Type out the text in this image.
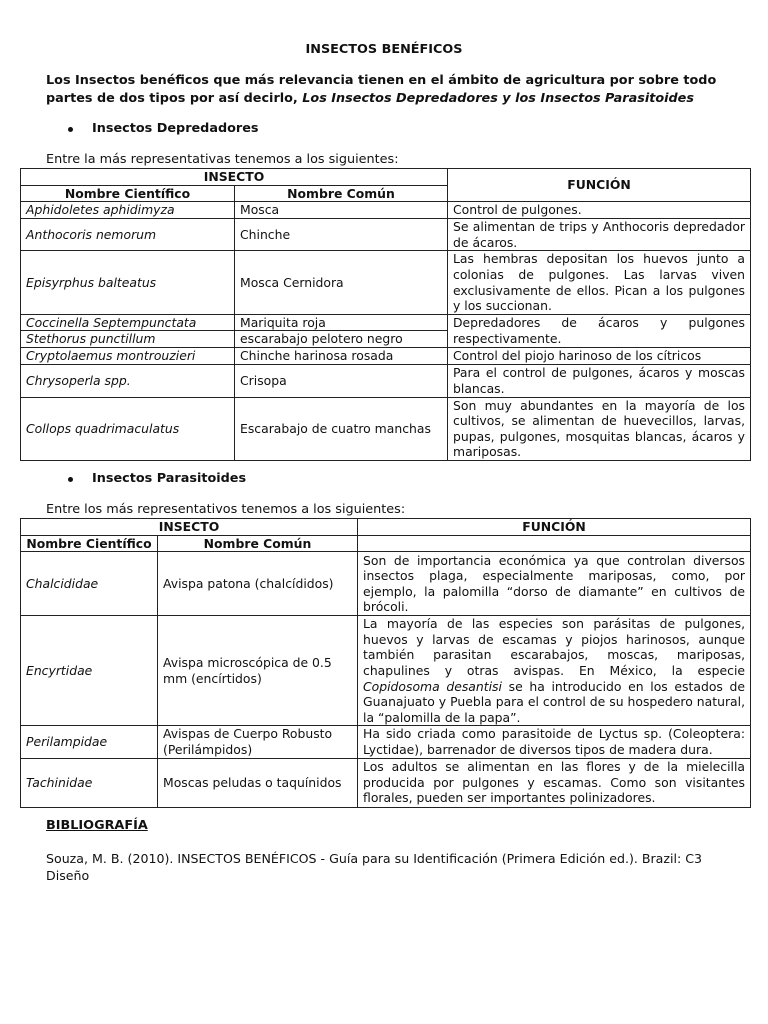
INSECTOS BENÉFICOS
Los Insectos benéficos que más relevancia tienen en el ámbito de agricultura por sobre todo partes de dos tipos por así decirlo, Los Insectos Depredadores y los Insectos Parasitoides
Insectos Depredadores
Entre la más representativas tenemos a los siguientes:
INSECTO		FUNCIÓN
Nombre Científico	Nombre Común	
Aphidoletes aphidimyza	Mosca	Control de pulgones.
Anthocoris nemorum	Chinche	Se alimentan de trips y Anthocoris depredador de ácaros.
Episyrphus balteatus	Mosca Cernidora	Las hembras depositan los huevos junto a colonias de pulgones. Las larvas viven exclusivamente de ellos. Pican a los pulgones y los succionan.
Coccinella Septempunctata	Mariquita roja	Depredadores de ácaros y pulgones respectivamente.
Stethorus punctillum	escarabajo pelotero negro	
Cryptolaemus montrouzieri	Chinche harinosa rosada	Control del piojo harinoso de los cítricos
Chrysoperla spp.	Crisopa	Para el control de pulgones, ácaros y moscas blancas.
Collops quadrimaculatus	Escarabajo de cuatro manchas	Son muy abundantes en la mayoría de los cultivos, se alimentan de huevecillos, larvas, pupas, pulgones, mosquitas blancas, ácaros y mariposas.
Insectos Parasitoides
Entre los más representativos tenemos a los siguientes:
INSECTO		FUNCIÓN
Nombre Científico	Nombre Común	
Chalcididae	Avispa patona (chalcídidos)	Son de importancia económica ya que controlan diversos insectos plaga, especialmente mariposas, como, por ejemplo, la palomilla “dorso de diamante” en cultivos de brócoli.
Encyrtidae	Avispa microscópica de 0.5 mm (encírtidos)	La mayoría de las especies son parásitas de pulgones, huevos y larvas de escamas y piojos harinosos, aunque también parasitan escarabajos, moscas, mariposas, chapulines y otras avispas. En México, la especie Copidosoma desantisi se ha introducido en los estados de Guanajuato y Puebla para el control de su hospedero natural, la “palomilla de la papa”.
Perilampidae	Avispas de Cuerpo Robusto (Perilámpidos)	Ha sido criada como parasitoide de Lyctus sp. (Coleoptera: Lyctidae), barrenador de diversos tipos de madera dura.
Tachinidae	Moscas peludas o taquínidos	Los adultos se alimentan en las flores y de la mielecilla producida por pulgones y escamas. Como son visitantes florales, pueden ser importantes polinizadores.
BIBLIOGRAFÍA
Souza, M. B. (2010). INSECTOS BENÉFICOS - Guía para su Identificación (Primera Edición ed.). Brazil: C3 Diseño
